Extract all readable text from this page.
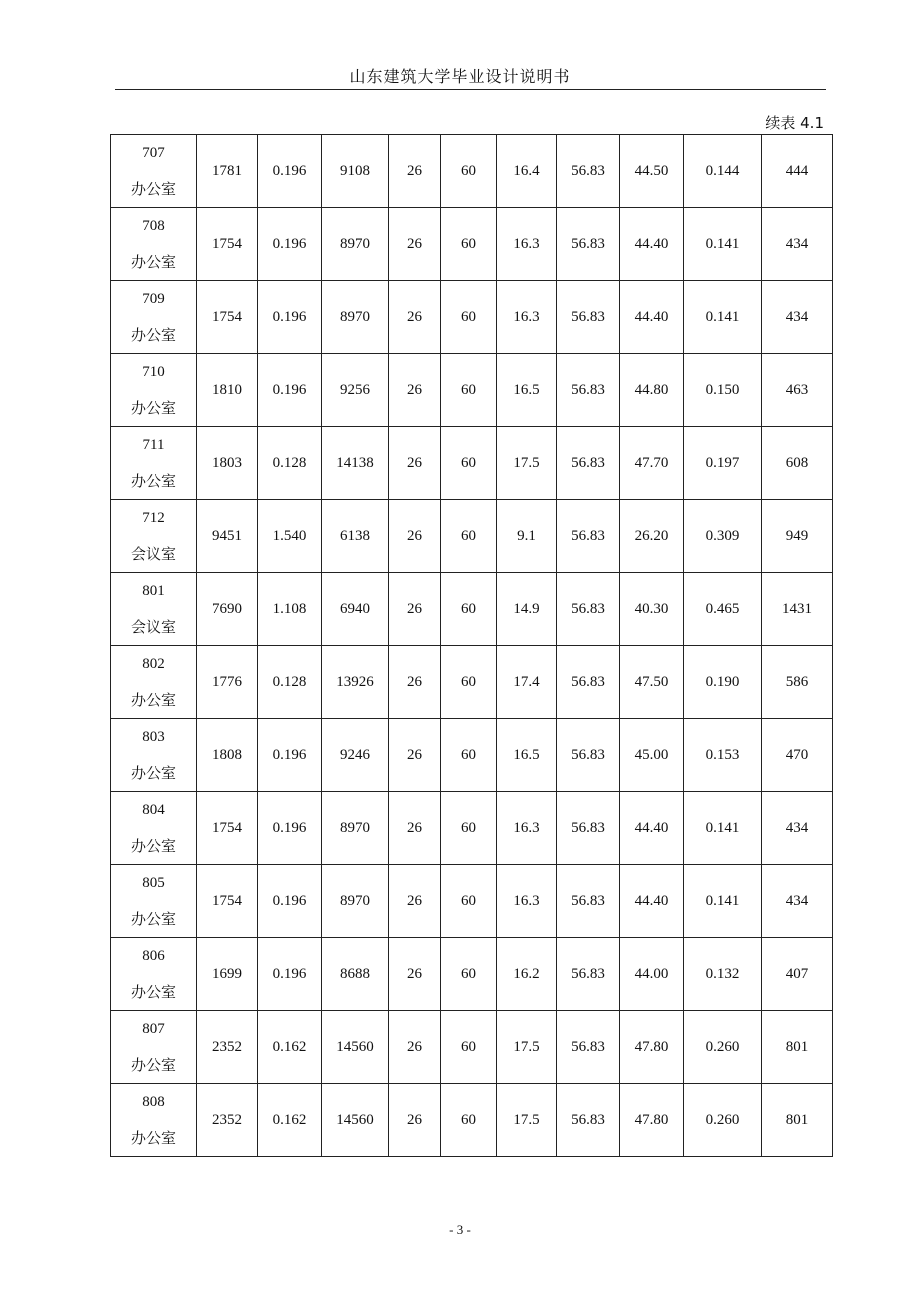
山东建筑大学毕业设计说明书
续表 4.1
707
办公室	1781	0.196	9108	26	60	16.4	56.83	44.50	0.144	444

708
办公室	1754	0.196	8970	26	60	16.3	56.83	44.40	0.141	434

709
办公室	1754	0.196	8970	26	60	16.3	56.83	44.40	0.141	434

710
办公室	1810	0.196	9256	26	60	16.5	56.83	44.80	0.150	463

711
办公室	1803	0.128	14138	26	60	17.5	56.83	47.70	0.197	608

712
会议室	9451	1.540	6138	26	60	9.1	56.83	26.20	0.309	949

801
会议室	7690	1.108	6940	26	60	14.9	56.83	40.30	0.465	1431

802
办公室	1776	0.128	13926	26	60	17.4	56.83	47.50	0.190	586

803
办公室	1808	0.196	9246	26	60	16.5	56.83	45.00	0.153	470

804
办公室	1754	0.196	8970	26	60	16.3	56.83	44.40	0.141	434

805
办公室	1754	0.196	8970	26	60	16.3	56.83	44.40	0.141	434

806
办公室	1699	0.196	8688	26	60	16.2	56.83	44.00	0.132	407

807
办公室	2352	0.162	14560	26	60	17.5	56.83	47.80	0.260	801

808
办公室	2352	0.162	14560	26	60	17.5	56.83	47.80	0.260	801
- 3 -
